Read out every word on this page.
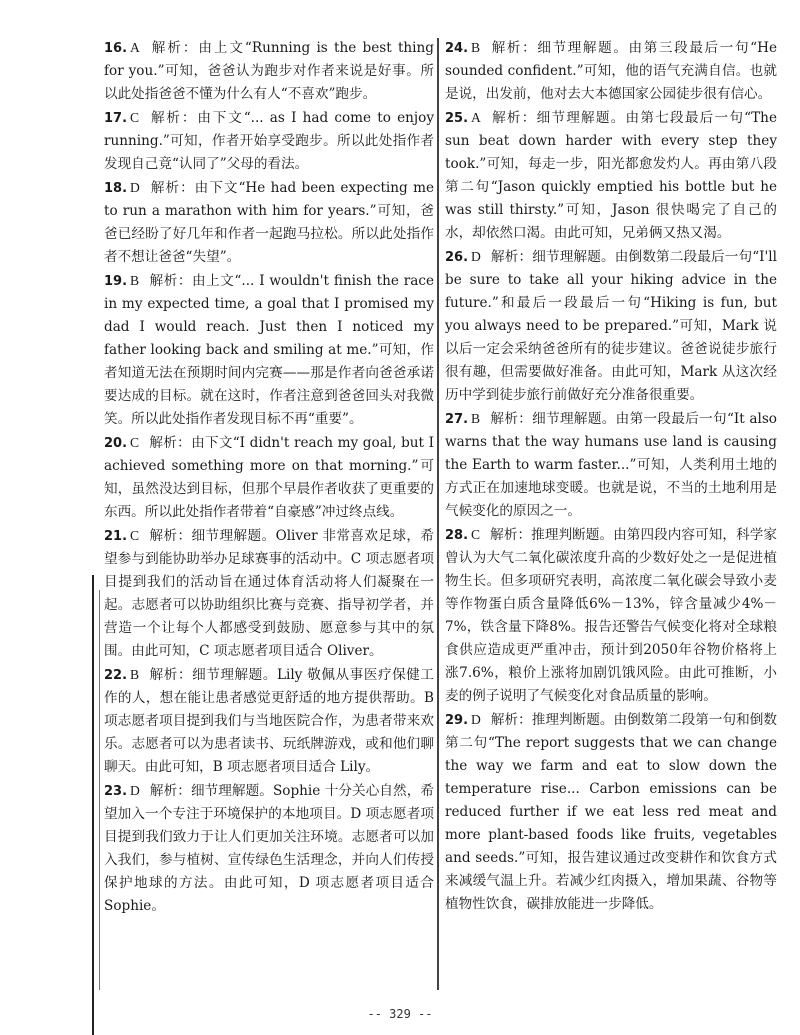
16. A 解析：由上文“Running is the best thing for you.”可知，爸爸认为跑步对作者来说是好事。所以此处指爸爸不懂为什么有人“不喜欢”跑步。

17. C 解析：由下文“... as I had come to enjoy running.”可知，作者开始享受跑步。所以此处指作者发现自己竟“认同了”父母的看法。

18. D 解析：由下文“He had been expecting me to run a marathon with him for years.”可知，爸爸已经盼了好几年和作者一起跑马拉松。所以此处指作者不想让爸爸“失望”。

19. B 解析：由上文“... I wouldn't finish the race in my expected time, a goal that I promised my dad I would reach. Just then I noticed my father looking back and smiling at me.”可知，作者知道无法在预期时间内完赛——那是作者向爸爸承诺要达成的目标。就在这时，作者注意到爸爸回头对我微笑。所以此处指作者发现目标不再“重要”。

20. C 解析：由下文“I didn't reach my goal, but I achieved something more on that morning.”可知，虽然没达到目标，但那个早晨作者收获了更重要的东西。所以此处指作者带着“自豪感”冲过终点线。

21. C 解析：细节理解题。Oliver 非常喜欢足球，希望参与到能协助举办足球赛事的活动中。C 项志愿者项目提到我们的活动旨在通过体育活动将人们凝聚在一起。志愿者可以协助组织比赛与竞赛、指导初学者，并营造一个让每个人都感受到鼓励、愿意参与其中的氛围。由此可知，C 项志愿者项目适合 Oliver。

22. B 解析：细节理解题。Lily 敬佩从事医疗保健工作的人，想在能让患者感觉更舒适的地方提供帮助。B 项志愿者项目提到我们与当地医院合作，为患者带来欢乐。志愿者可以为患者读书、玩纸牌游戏，或和他们聊聊天。由此可知，B 项志愿者项目适合 Lily。

23. D 解析：细节理解题。Sophie 十分关心自然，希望加入一个专注于环境保护的本地项目。D 项志愿者项目提到我们致力于让人们更加关注环境。志愿者可以加入我们，参与植树、宣传绿色生活理念，并向人们传授保护地球的方法。由此可知，D 项志愿者项目适合 Sophie。

24. B 解析：细节理解题。由第三段最后一句“He sounded confident.”可知，他的语气充满自信。也就是说，出发前，他对去大本德国家公园徒步很有信心。

25. A 解析：细节理解题。由第七段最后一句“The sun beat down harder with every step they took.”可知，每走一步，阳光都愈发灼人。再由第八段第二句“Jason quickly emptied his bottle but he was still thirsty.”可知，Jason 很快喝完了自己的水，却依然口渴。由此可知，兄弟俩又热又渴。

26. D 解析：细节理解题。由倒数第二段最后一句“I'll be sure to take all your hiking advice in the future.”和最后一段最后一句“Hiking is fun, but you always need to be prepared.”可知，Mark 说以后一定会采纳爸爸所有的徒步建议。爸爸说徒步旅行很有趣，但需要做好准备。由此可知，Mark 从这次经历中学到徒步旅行前做好充分准备很重要。

27. B 解析：细节理解题。由第一段最后一句“It also warns that the way humans use land is causing the Earth to warm faster...”可知，人类利用土地的方式正在加速地球变暖。也就是说，不当的土地利用是气候变化的原因之一。

28. C 解析：推理判断题。由第四段内容可知，科学家曾认为大气二氧化碳浓度升高的少数好处之一是促进植物生长。但多项研究表明，高浓度二氧化碳会导致小麦等作物蛋白质含量降低6%－13%，锌含量减少4%－7%，铁含量下降8%。报告还警告气候变化将对全球粮食供应造成更严重冲击，预计到2050年谷物价格将上涨7.6%，粮价上涨将加剧饥饿风险。由此可推断，小麦的例子说明了气候变化对食品质量的影响。

29. D 解析：推理判断题。由倒数第二段第一句和倒数第二句“The report suggests that we can change the way we farm and eat to slow down the temperature rise... Carbon emissions can be reduced further if we eat less red meat and more plant-based foods like fruits, vegetables and seeds.”可知，报告建议通过改变耕作和饮食方式来减缓气温上升。若减少红肉摄入，增加果蔬、谷物等植物性饮食，碳排放能进一步降低。

-- 329 --
